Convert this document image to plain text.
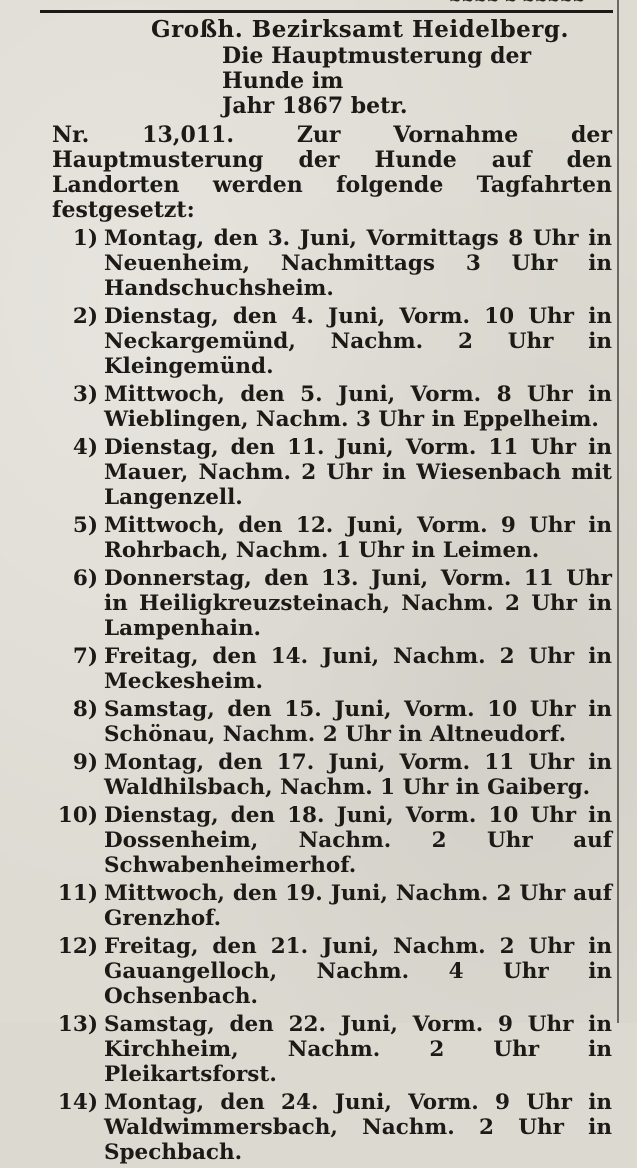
~~~~ ~ ~~~~~
Großh. Bezirksamt Heidelberg.
Die Hauptmusterung der Hunde im
Jahr 1867 betr.
Nr. 13,011.	Zur Vornahme der Hauptmusterung der Hunde auf den Landorten werden folgende Tagfahrten festgesetzt:
1) Montag, den 3. Juni, Vormittags 8 Uhr in Neuenheim, Nachmittags 3 Uhr in Handschuchsheim.
2) Dienstag, den 4. Juni, Vorm. 10 Uhr in Neckargemünd, Nachm. 2 Uhr in Kleingemünd.
3) Mittwoch, den 5. Juni, Vorm. 8 Uhr in Wieblingen, Nachm. 3 Uhr in Eppelheim.
4) Dienstag, den 11. Juni, Vorm. 11 Uhr in Mauer, Nachm. 2 Uhr in Wiesenbach mit Langenzell.
5) Mittwoch, den 12. Juni, Vorm. 9 Uhr in Rohrbach, Nachm. 1 Uhr in Leimen.
6) Donnerstag, den 13. Juni, Vorm. 11 Uhr in Heiligkreuzsteinach, Nachm. 2 Uhr in Lampenhain.
7) Freitag, den 14. Juni, Nachm. 2 Uhr in Meckesheim.
8) Samstag, den 15. Juni, Vorm. 10 Uhr in Schönau, Nachm. 2 Uhr in Altneudorf.
9) Montag, den 17. Juni, Vorm. 11 Uhr in Waldhilsbach, Nachm. 1 Uhr in Gaiberg.
10) Dienstag, den 18. Juni, Vorm. 10 Uhr in Dossenheim, Nachm. 2 Uhr auf Schwabenheimerhof.
11) Mittwoch, den 19. Juni, Nachm. 2 Uhr auf Grenzhof.
12) Freitag, den 21. Juni, Nachm. 2 Uhr in Gauangelloch, Nachm. 4 Uhr in Ochsenbach.
13) Samstag, den 22. Juni, Vorm. 9 Uhr in Kirchheim, Nachm. 2 Uhr in Pleikartsforst.
14) Montag, den 24. Juni, Vorm. 9 Uhr in Waldwimmersbach, Nachm. 2 Uhr in Spechbach.
